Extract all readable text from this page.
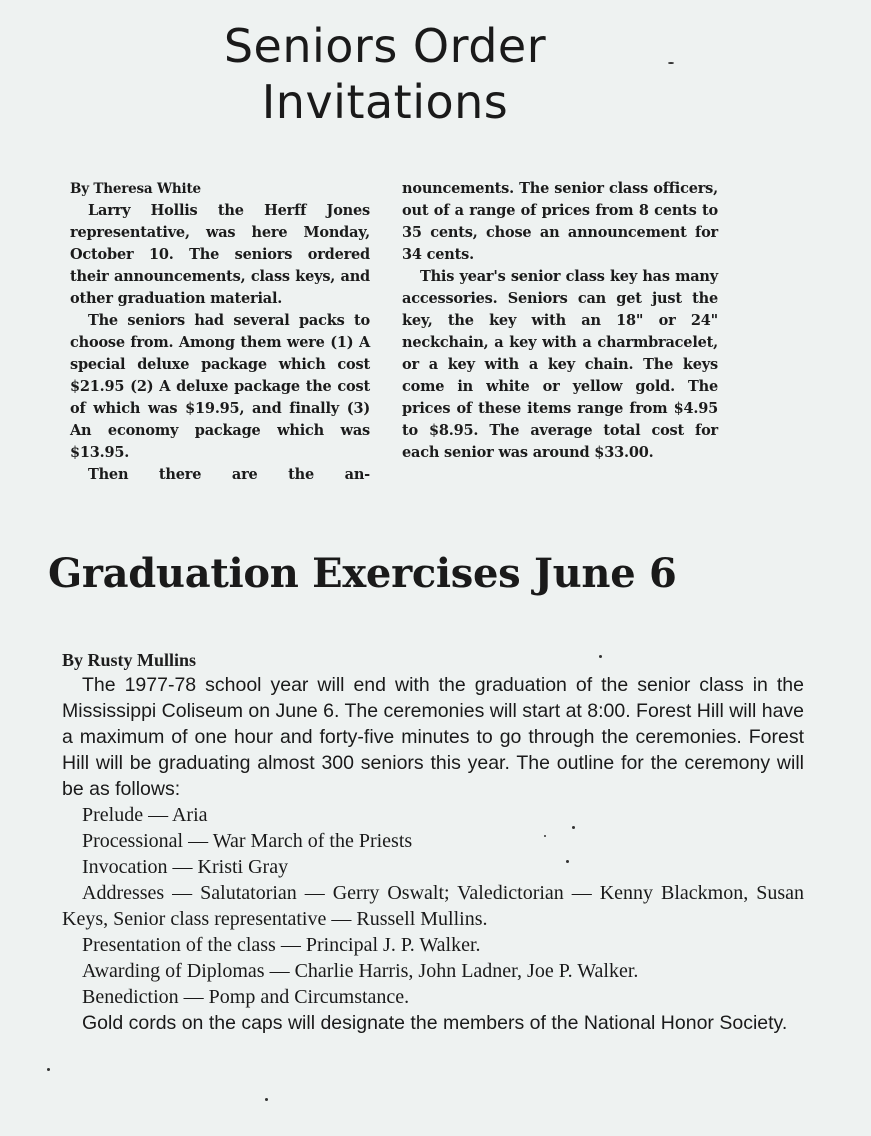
Seniors Order
Invitations

By Theresa White

Larry Hollis the Herff Jones representative, was here Monday, October 10. The seniors ordered their announcements, class keys, and other graduation material.

The seniors had several packs to choose from. Among them were (1) A special deluxe package which cost $21.95 (2) A deluxe package the cost of which was $19.95, and finally (3) An economy package which was $13.95.

Then there are the an-

nouncements. The senior class officers, out of a range of prices from 8 cents to 35 cents, chose an announcement for 34 cents.

This year's senior class key has many accessories. Seniors can get just the key, the key with an 18" or 24" neckchain, a key with a charmbracelet, or a key with a key chain. The keys come in white or yellow gold. The prices of these items range from $4.95 to $8.95. The average total cost for each senior was around $33.00.

Graduation Exercises June 6
By Rusty Mullins

The 1977-78 school year will end with the graduation of the senior class in the Mississippi Coliseum on June 6. The ceremonies will start at 8:00. Forest Hill will have a maximum of one hour and forty-five minutes to go through the ceremonies. Forest Hill will be graduating almost 300 seniors this year. The outline for the ceremony will be as follows:

Prelude — Aria

Processional — War March of the Priests

Invocation — Kristi Gray

Addresses — Salutatorian — Gerry Oswalt; Valedictorian — Kenny Blackmon, Susan Keys, Senior class representative — Russell Mullins.

Presentation of the class — Principal J. P. Walker.

Awarding of Diplomas — Charlie Harris, John Ladner, Joe P. Walker.

Benediction — Pomp and Circumstance.

Gold cords on the caps will designate the members of the National Honor Society.
